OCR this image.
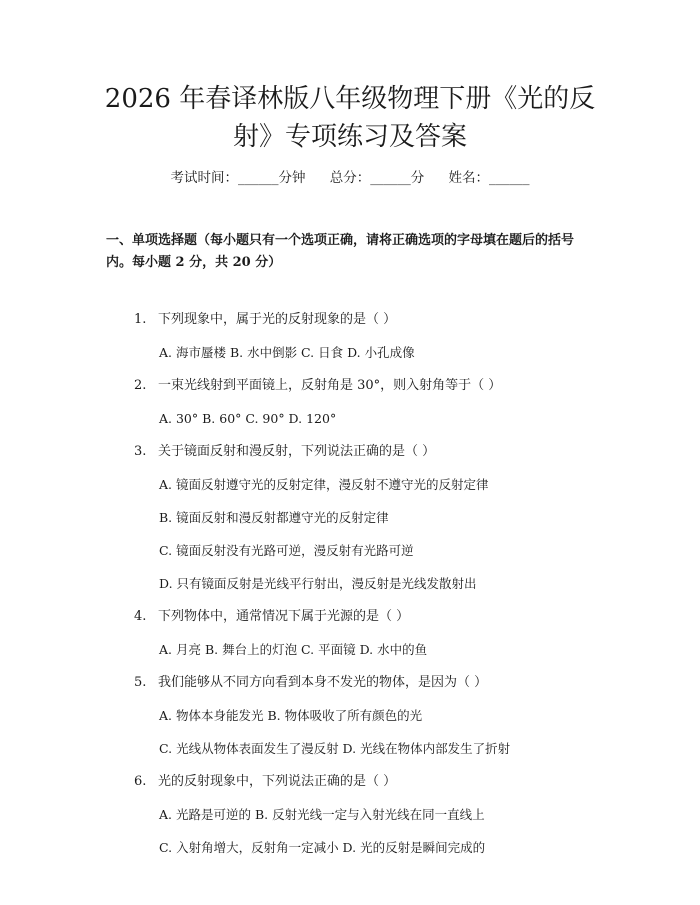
2026 年春译林版八年级物理下册《光的反
射》专项练习及答案
考试时间：______分钟 总分：______分 姓名：______

一、单项选择题（每小题只有一个选项正确，请将正确选项的字母填在题后的括号内。每小题 2 分，共 20 分）

1. 下列现象中，属于光的反射现象的是（ ）
A. 海市蜃楼 B. 水中倒影 C. 日食 D. 小孔成像
2. 一束光线射到平面镜上，反射角是 30°，则入射角等于（ ）
A. 30° B. 60° C. 90° D. 120°
3. 关于镜面反射和漫反射，下列说法正确的是（ ）
A. 镜面反射遵守光的反射定律，漫反射不遵守光的反射定律
B. 镜面反射和漫反射都遵守光的反射定律
C. 镜面反射没有光路可逆，漫反射有光路可逆
D. 只有镜面反射是光线平行射出，漫反射是光线发散射出
4. 下列物体中，通常情况下属于光源的是（ ）
A. 月亮 B. 舞台上的灯泡 C. 平面镜 D. 水中的鱼
5. 我们能够从不同方向看到本身不发光的物体，是因为（ ）
A. 物体本身能发光 B. 物体吸收了所有颜色的光
C. 光线从物体表面发生了漫反射 D. 光线在物体内部发生了折射
6. 光的反射现象中，下列说法正确的是（ ）
A. 光路是可逆的 B. 反射光线一定与入射光线在同一直线上
C. 入射角增大，反射角一定减小 D. 光的反射是瞬间完成的
